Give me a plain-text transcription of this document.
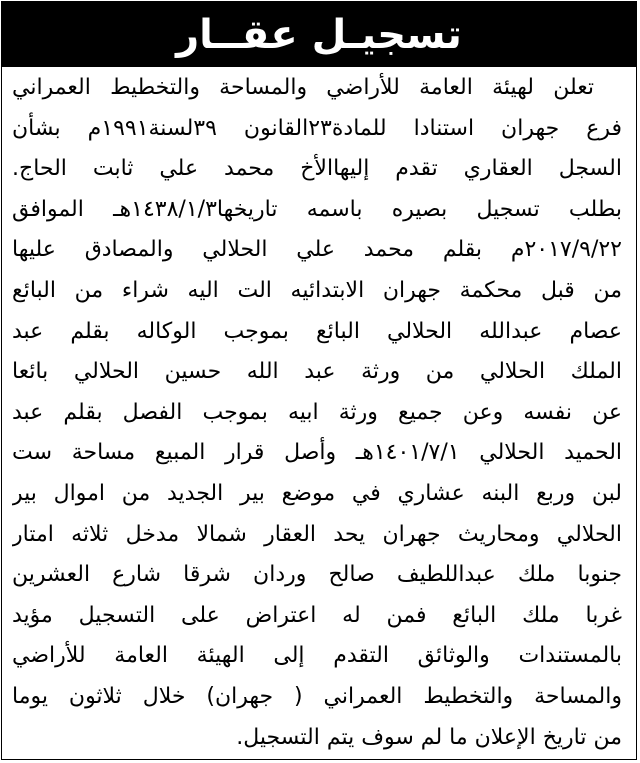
تسجيـل عقــار
تعلن لهيئة العامة للأراضي والمساحة والتخطيط العمراني
فرع جهران استنادا للمادة٢٣القانون ٣٩لسنة١٩٩١م بشأن
السجل العقاري تقدم إليهاالأخ محمد علي ثابت الحاج.
بطلب تسجيل بصيره باسمه تاريخها١٤٣٨/١/٣هـ الموافق
٢٠١٧/٩/٢٢م بقلم محمد علي الحلالي والمصادق عليها
من قبل محكمة جهران الابتدائيه الت اليه شراء من البائع
عصام عبدالله الحلالي البائع بموجب الوكاله بقلم عبد
الملك الحلالي من ورثة عبد الله حسين الحلالي بائعا
عن نفسه وعن جميع ورثة ابيه بموجب الفصل بقلم عبد
الحميد الحلالي ١٤٠١/٧/١هـ وأصل قرار المبيع مساحة ست
لبن وربع البنه عشاري في موضع بير الجديد من اموال بير
الحلالي ومحاريث جهران يحد العقار شمالا مدخل ثلاثه امتار
جنوبا ملك عبداللطيف صالح وردان شرقا شارع العشرين
غربا ملك البائع فمن له اعتراض على التسجيل مؤيد
بالمستندات والوثائق التقدم إلى الهيئة العامة للأراضي
والمساحة والتخطيط العمراني ( جهران) خلال ثلاثون يوما
من تاريخ الإعلان ما لم سوف يتم التسجيل.
